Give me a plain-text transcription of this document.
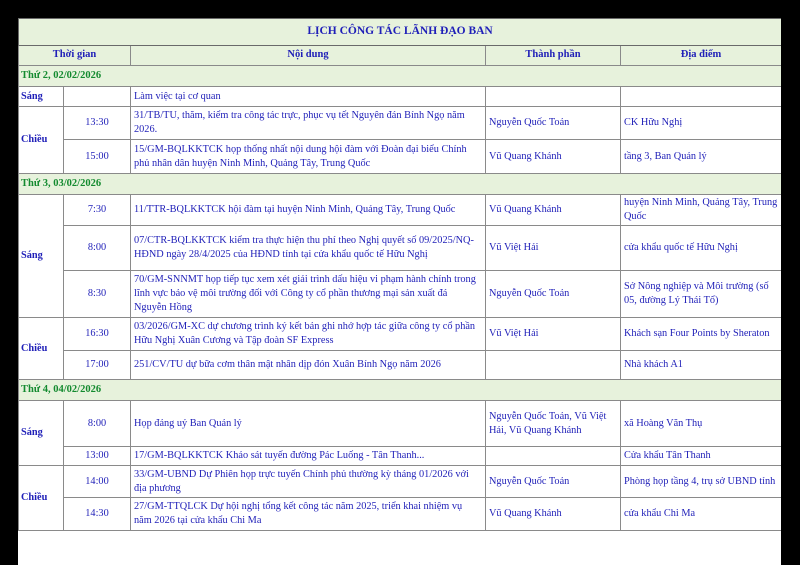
LỊCH CÔNG TÁC LÃNH ĐẠO BAN				
Thời gian		Nội dung	Thành phần	Địa điểm
Thứ 2, 02/02/2026				
Sáng		Làm việc tại cơ quan		
Chiều	13:30	31/TB/TU, thăm, kiểm tra công tác trực, phục vụ tết Nguyên đán Bính Ngọ năm 2026.	Nguyễn Quốc Toản	CK Hữu Nghị
	15:00	15/GM-BQLKKTCK họp thống nhất nội dung hội đàm với Đoàn đại biểu Chính phủ nhân dân huyện Ninh Minh, Quảng Tây, Trung Quốc	Vũ Quang Khánh	tầng 3, Ban Quản lý
Thứ 3, 03/02/2026				
Sáng	7:30	11/TTR-BQLKKTCK hội đàm tại huyện Ninh Minh, Quảng Tây, Trung Quốc	Vũ Quang Khánh	huyện Ninh Minh, Quảng Tây, Trung Quốc
	8:00	07/CTR-BQLKKTCK kiểm tra thực hiện thu phí theo Nghị quyết số 09/2025/NQ-HĐND ngày 28/4/2025 của HĐND tỉnh tại cửa khẩu quốc tế Hữu Nghị	Vũ Việt Hải	cửa khẩu quốc tế Hữu Nghị
	8:30	70/GM-SNNMT họp tiếp tục xem xét giải trình dấu hiệu vi phạm hành chính trong lĩnh vực bảo vệ môi trường đối với Công ty cổ phần thương mại sản xuất đá Nguyễn Hồng	Nguyễn Quốc Toản	Sở Nông nghiệp và Môi trường (số 05, đường Lý Thái Tổ)
Chiều	16:30	03/2026/GM-XC dự chương trình ký kết bản ghi nhớ hợp tác giữa công ty cổ phần Hữu Nghị Xuân Cương và Tập đoàn SF Express	Vũ Việt Hải	Khách sạn Four Points by Sheraton
	17:00	251/CV/TU dự bữa cơm thân mật nhân dịp đón Xuân Bính Ngọ năm 2026		Nhà khách A1
Thứ 4, 04/02/2026				
Sáng	8:00	Họp đảng uỷ Ban Quản lý	Nguyễn Quốc Toản, Vũ Việt Hải, Vũ Quang Khánh	xã Hoàng Văn Thụ
	13:00	17/GM-BQLKKTCK Khảo sát tuyến đường Pác Luống - Tân Thanh...		Cửa khẩu Tân Thanh
Chiều	14:00	33/GM-UBND Dự Phiên họp trực tuyến Chính phủ thường kỳ tháng 01/2026 với địa phương	Nguyễn Quốc Toản	Phòng họp tầng 4, trụ sở UBND tỉnh
	14:30	27/GM-TTQLCK Dự hội nghị tổng kết công tác năm 2025, triển khai nhiệm vụ năm 2026 tại cửa khẩu Chi Ma	Vũ Quang Khánh	cửa khẩu Chi Ma
